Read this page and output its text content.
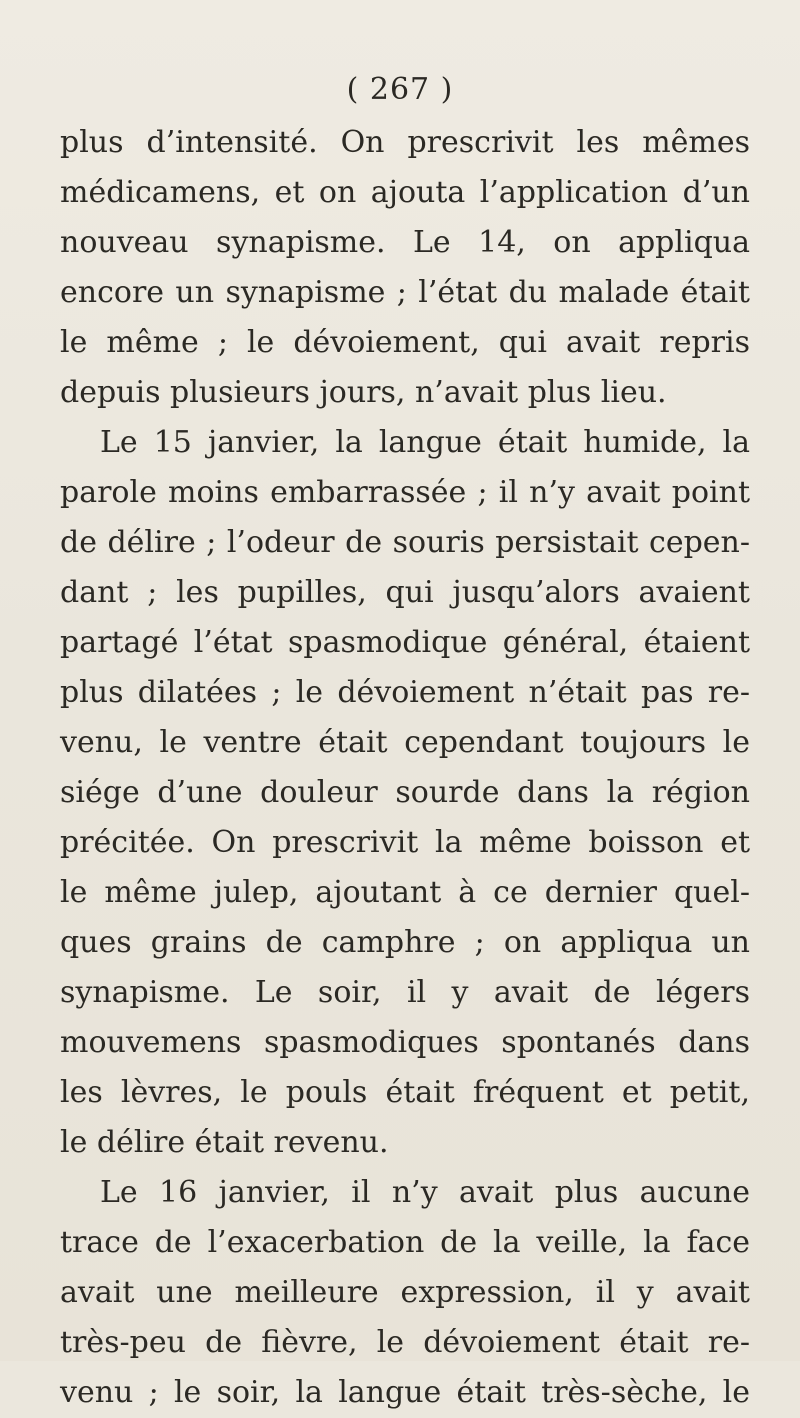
( 267 )
plus d’intensité. On prescrivit les mêmes
médicamens, et on ajouta l’application d’un
nouveau synapisme. Le 14, on appliqua
encore un synapisme ; l’état du malade était
le même ; le dévoiement, qui avait repris
depuis plusieurs jours, n’avait plus lieu.
Le 15 janvier, la langue était humide, la
parole moins embarrassée ; il n’y avait point
de délire ; l’odeur de souris persistait cepen-
dant ; les pupilles, qui jusqu’alors avaient
partagé l’état spasmodique général, étaient
plus dilatées ; le dévoiement n’était pas re-
venu, le ventre était cependant toujours le
siége d’une douleur sourde dans la région
précitée. On prescrivit la même boisson et
le même julep, ajoutant à ce dernier quel-
ques grains de camphre ; on appliqua un
synapisme. Le soir, il y avait de légers
mouvemens spasmodiques spontanés dans
les lèvres, le pouls était fréquent et petit,
le délire était revenu.
Le 16 janvier, il n’y avait plus aucune
trace de l’exacerbation de la veille, la face
avait une meilleure expression, il y avait
très-peu de fièvre, le dévoiement était re-
venu ; le soir, la langue était très-sèche, le
